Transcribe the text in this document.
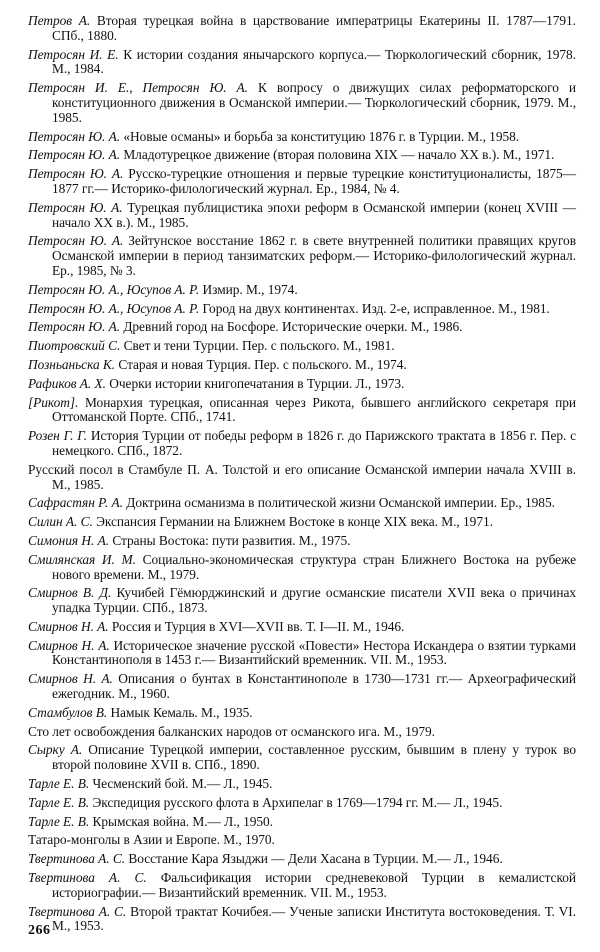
Петров А. Вторая турецкая война в царствование императрицы Екатерины II. 1787—1791. СПб., 1880.

Петросян И. Е. К истории создания янычарского корпуса.— Тюркологический сборник, 1978. М., 1984.

Петросян И. Е., Петросян Ю. А. К вопросу о движущих силах реформаторского и конституционного движения в Османской империи.— Тюркологический сборник, 1979. М., 1985.

Петросян Ю. А. «Новые османы» и борьба за конституцию 1876 г. в Турции. М., 1958.

Петросян Ю. А. Младотурецкое движение (вторая половина XIX — начало XX в.). М., 1971.

Петросян Ю. А. Русско-турецкие отношения и первые турецкие конституционалисты, 1875—1877 гг.— Историко-филологический журнал. Ер., 1984, № 4.

Петросян Ю. А. Турецкая публицистика эпохи реформ в Османской империи (конец XVIII — начало XX в.). М., 1985.

Петросян Ю. А. Зейтунское восстание 1862 г. в свете внутренней политики правящих кругов Османской империи в период танзиматских реформ.— Историко-филологический журнал. Ер., 1985, № 3.

Петросян Ю. А., Юсупов А. Р. Измир. М., 1974.

Петросян Ю. А., Юсупов А. Р. Город на двух континентах. Изд. 2-е, исправленное. М., 1981.

Петросян Ю. А. Древний город на Босфоре. Исторические очерки. М., 1986.

Пиотровский С. Свет и тени Турции. Пер. с польского. М., 1981.

Позньаньска К. Старая и новая Турция. Пер. с польского. М., 1974.

Рафиков А. Х. Очерки истории книгопечатания в Турции. Л., 1973.

[Рикот]. Монархия турецкая, описанная через Рикота, бывшего английского секретаря при Оттоманской Порте. СПб., 1741.

Розен Г. Г. История Турции от победы реформ в 1826 г. до Парижского трактата в 1856 г. Пер. с немецкого. СПб., 1872.

Русский посол в Стамбуле П. А. Толстой и его описание Османской империи начала XVIII в. М., 1985.

Сафрастян Р. А. Доктрина османизма в политической жизни Османской империи. Ер., 1985.

Силин А. С. Экспансия Германии на Ближнем Востоке в конце XIX века. М., 1971.

Симония Н. А. Страны Востока: пути развития. М., 1975.

Смилянская И. М. Социально-экономическая структура стран Ближнего Востока на рубеже нового времени. М., 1979.

Смирнов В. Д. Кучибей Гёмюрджинский и другие османские писатели XVII века о причинах упадка Турции. СПб., 1873.

Смирнов Н. А. Россия и Турция в XVI—XVII вв. Т. I—II. М., 1946.

Смирнов Н. А. Историческое значение русской «Повести» Нестора Искандера о взятии турками Константинополя в 1453 г.— Византийский временник. VII. М., 1953.

Смирнов Н. А. Описания о бунтах в Константинополе в 1730—1731 гг.— Археографический ежегодник. М., 1960.

Стамбулов В. Намык Кемаль. М., 1935.

Сто лет освобождения балканских народов от османского ига. М., 1979.

Сырку А. Описание Турецкой империи, составленное русским, бывшим в плену у турок во второй половине XVII в. СПб., 1890.

Тарле Е. В. Чесменский бой. М.— Л., 1945.

Тарле Е. В. Экспедиция русского флота в Архипелаг в 1769—1794 гг. М.— Л., 1945.

Тарле Е. В. Крымская война. М.— Л., 1950.

Татаро-монголы в Азии и Европе. М., 1970.

Твертинова А. С. Восстание Кара Языджи — Дели Хасана в Турции. М.— Л., 1946.

Твертинова А. С. Фальсификация истории средневековой Турции в кемалистской историографии.— Византийский временник. VII. М., 1953.

Твертинова А. С. Второй трактат Кочибея.— Ученые записки Института востоковедения. Т. VI. М., 1953.

266
